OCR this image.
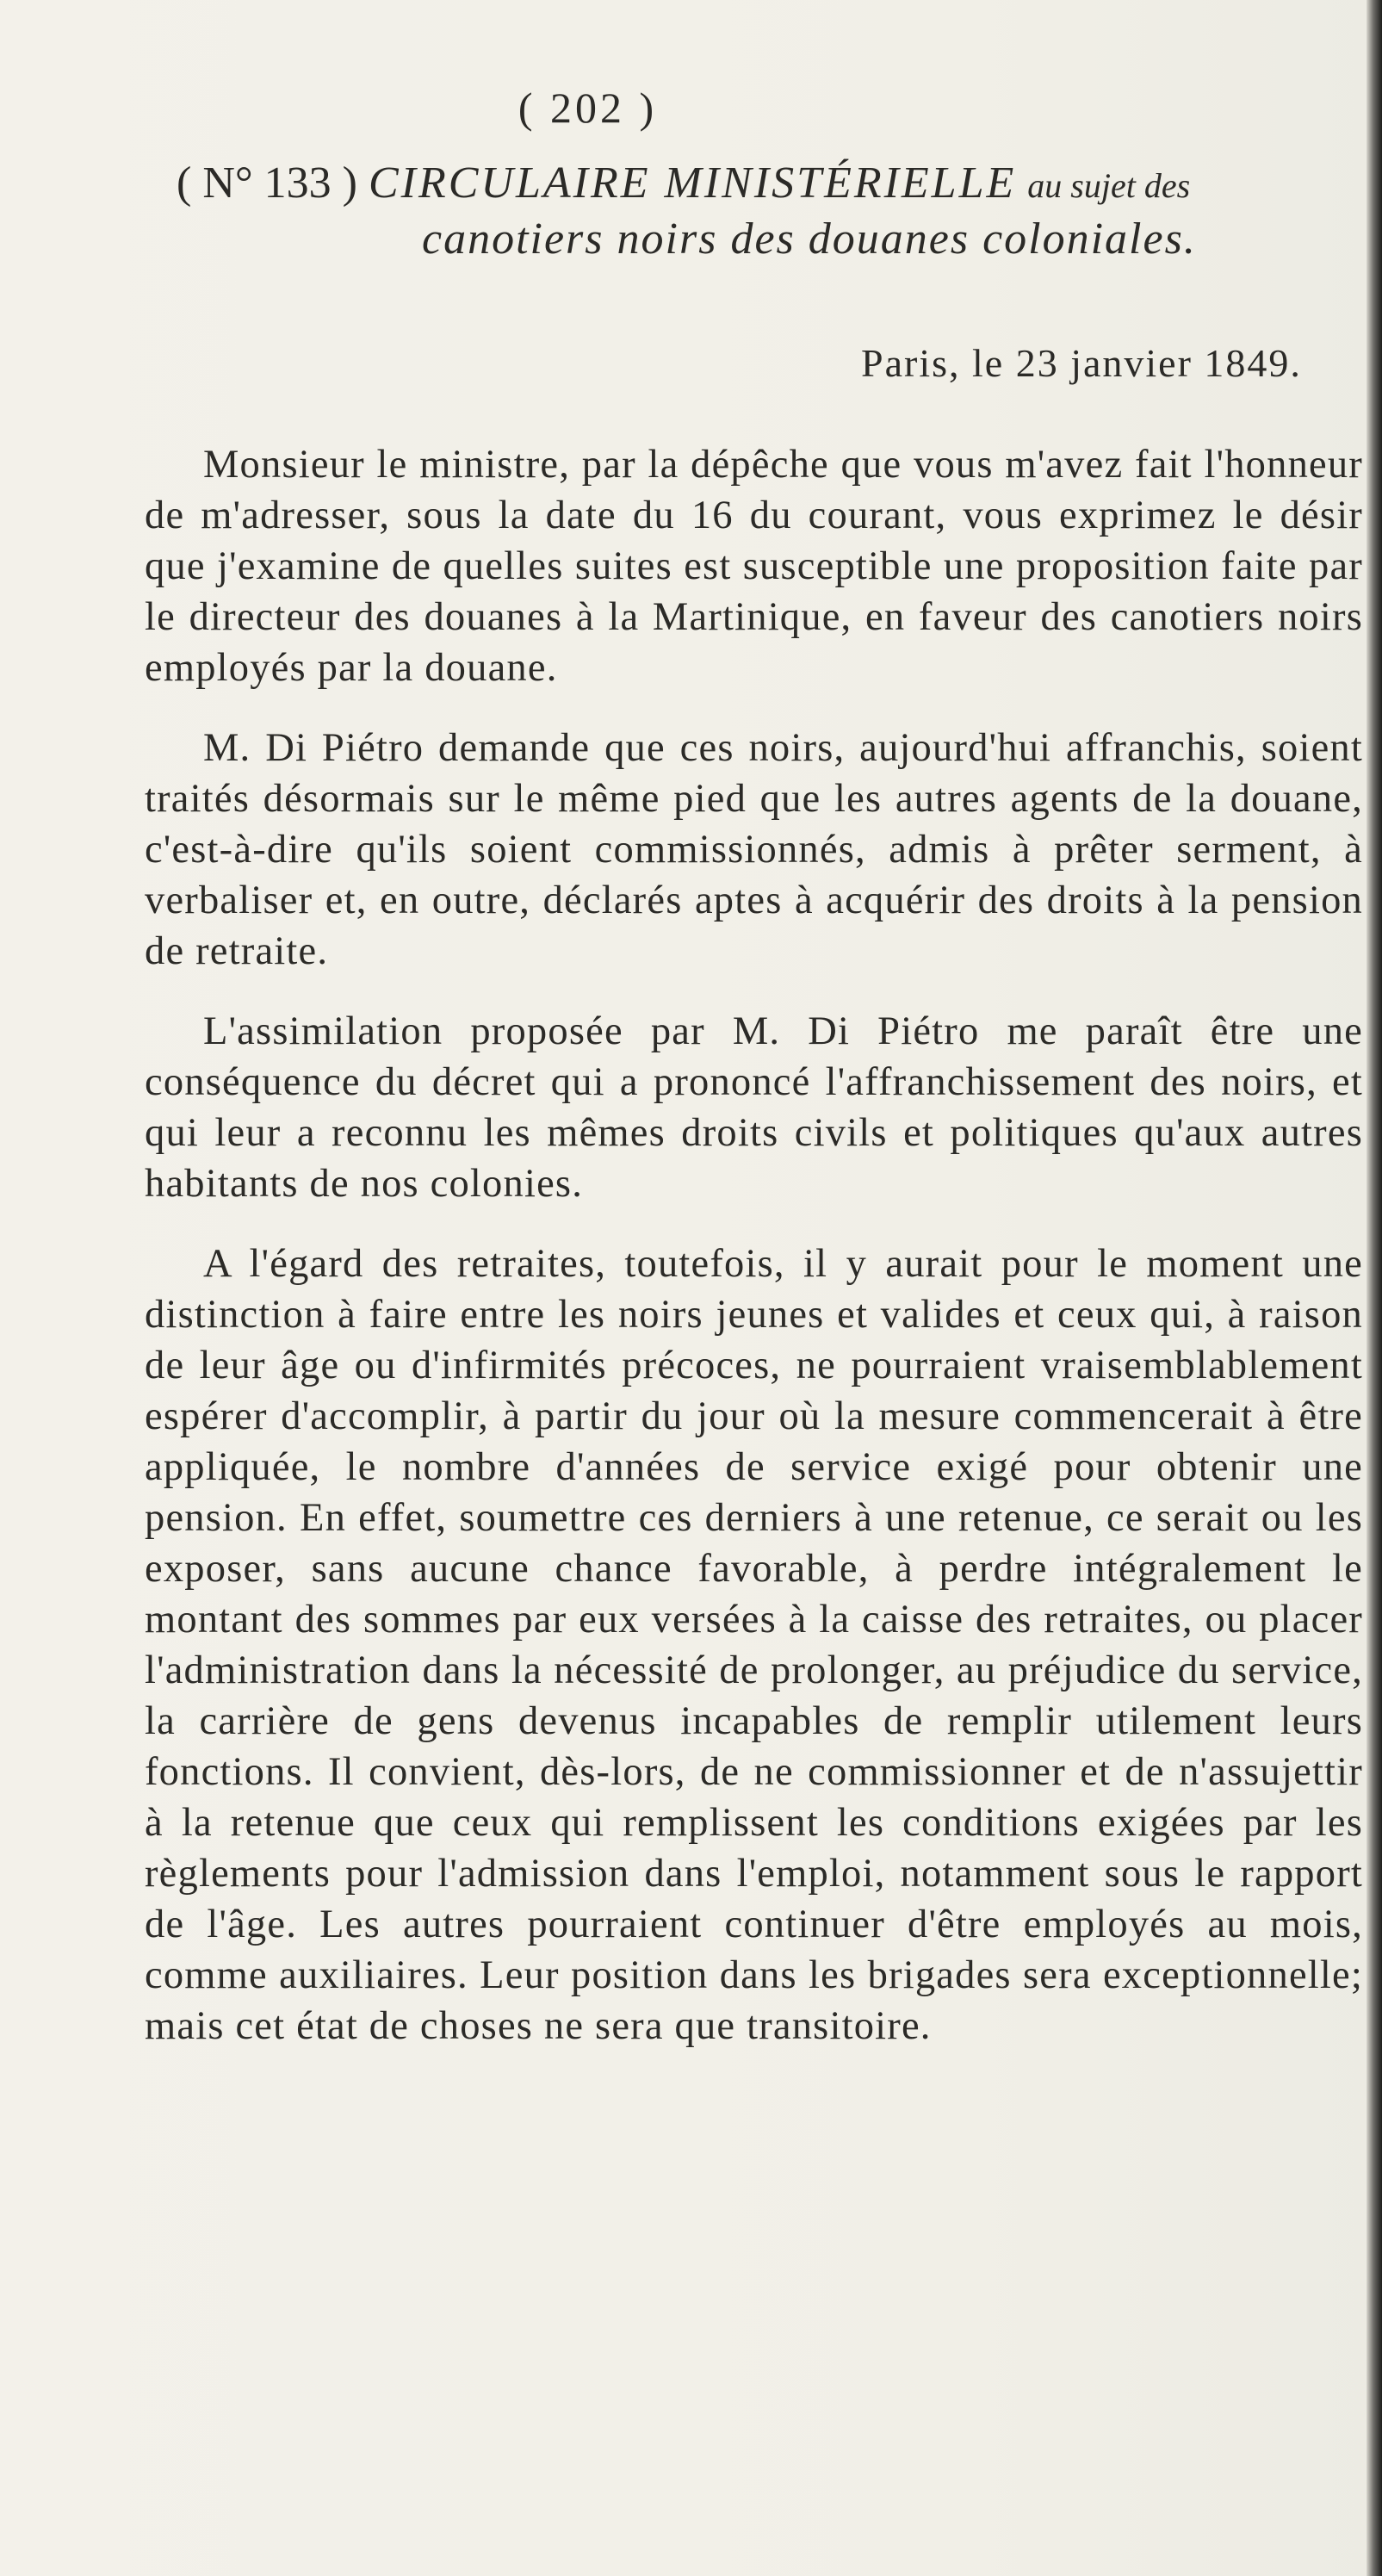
( 202 )
( N° 133 ) CIRCULAIRE MINISTÉRIELLE au sujet des
canotiers noirs des douanes coloniales.
Paris, le 23 janvier 1849.

Monsieur le ministre, par la dépêche que vous m'avez fait l'honneur de m'adresser, sous la date du 16 du courant, vous exprimez le désir que j'examine de quelles suites est susceptible une proposition faite par le directeur des douanes à la Martinique, en faveur des canotiers noirs employés par la douane.

M. Di Piétro demande que ces noirs, aujourd'hui affranchis, soient traités désormais sur le même pied que les autres agents de la douane, c'est-à-dire qu'ils soient commissionnés, admis à prêter serment, à verbaliser et, en outre, déclarés aptes à acquérir des droits à la pension de retraite.

L'assimilation proposée par M. Di Piétro me paraît être une conséquence du décret qui a prononcé l'affranchissement des noirs, et qui leur a reconnu les mêmes droits civils et politiques qu'aux autres habitants de nos colonies.

A l'égard des retraites, toutefois, il y aurait pour le moment une distinction à faire entre les noirs jeunes et valides et ceux qui, à raison de leur âge ou d'infirmités précoces, ne pourraient vraisemblablement espérer d'accomplir, à partir du jour où la mesure commencerait à être appliquée, le nombre d'années de service exigé pour obtenir une pension. En effet, soumettre ces derniers à une retenue, ce serait ou les exposer, sans aucune chance favorable, à perdre intégralement le montant des sommes par eux versées à la caisse des retraites, ou placer l'administration dans la nécessité de prolonger, au préjudice du service, la carrière de gens devenus incapables de remplir utilement leurs fonctions. Il convient, dès-lors, de ne commissionner et de n'assujettir à la retenue que ceux qui remplissent les conditions exigées par les règlements pour l'admission dans l'emploi, notamment sous le rapport de l'âge. Les autres pourraient continuer d'être employés au mois, comme auxiliaires. Leur position dans les brigades sera exceptionnelle; mais cet état de choses ne sera que transitoire.
